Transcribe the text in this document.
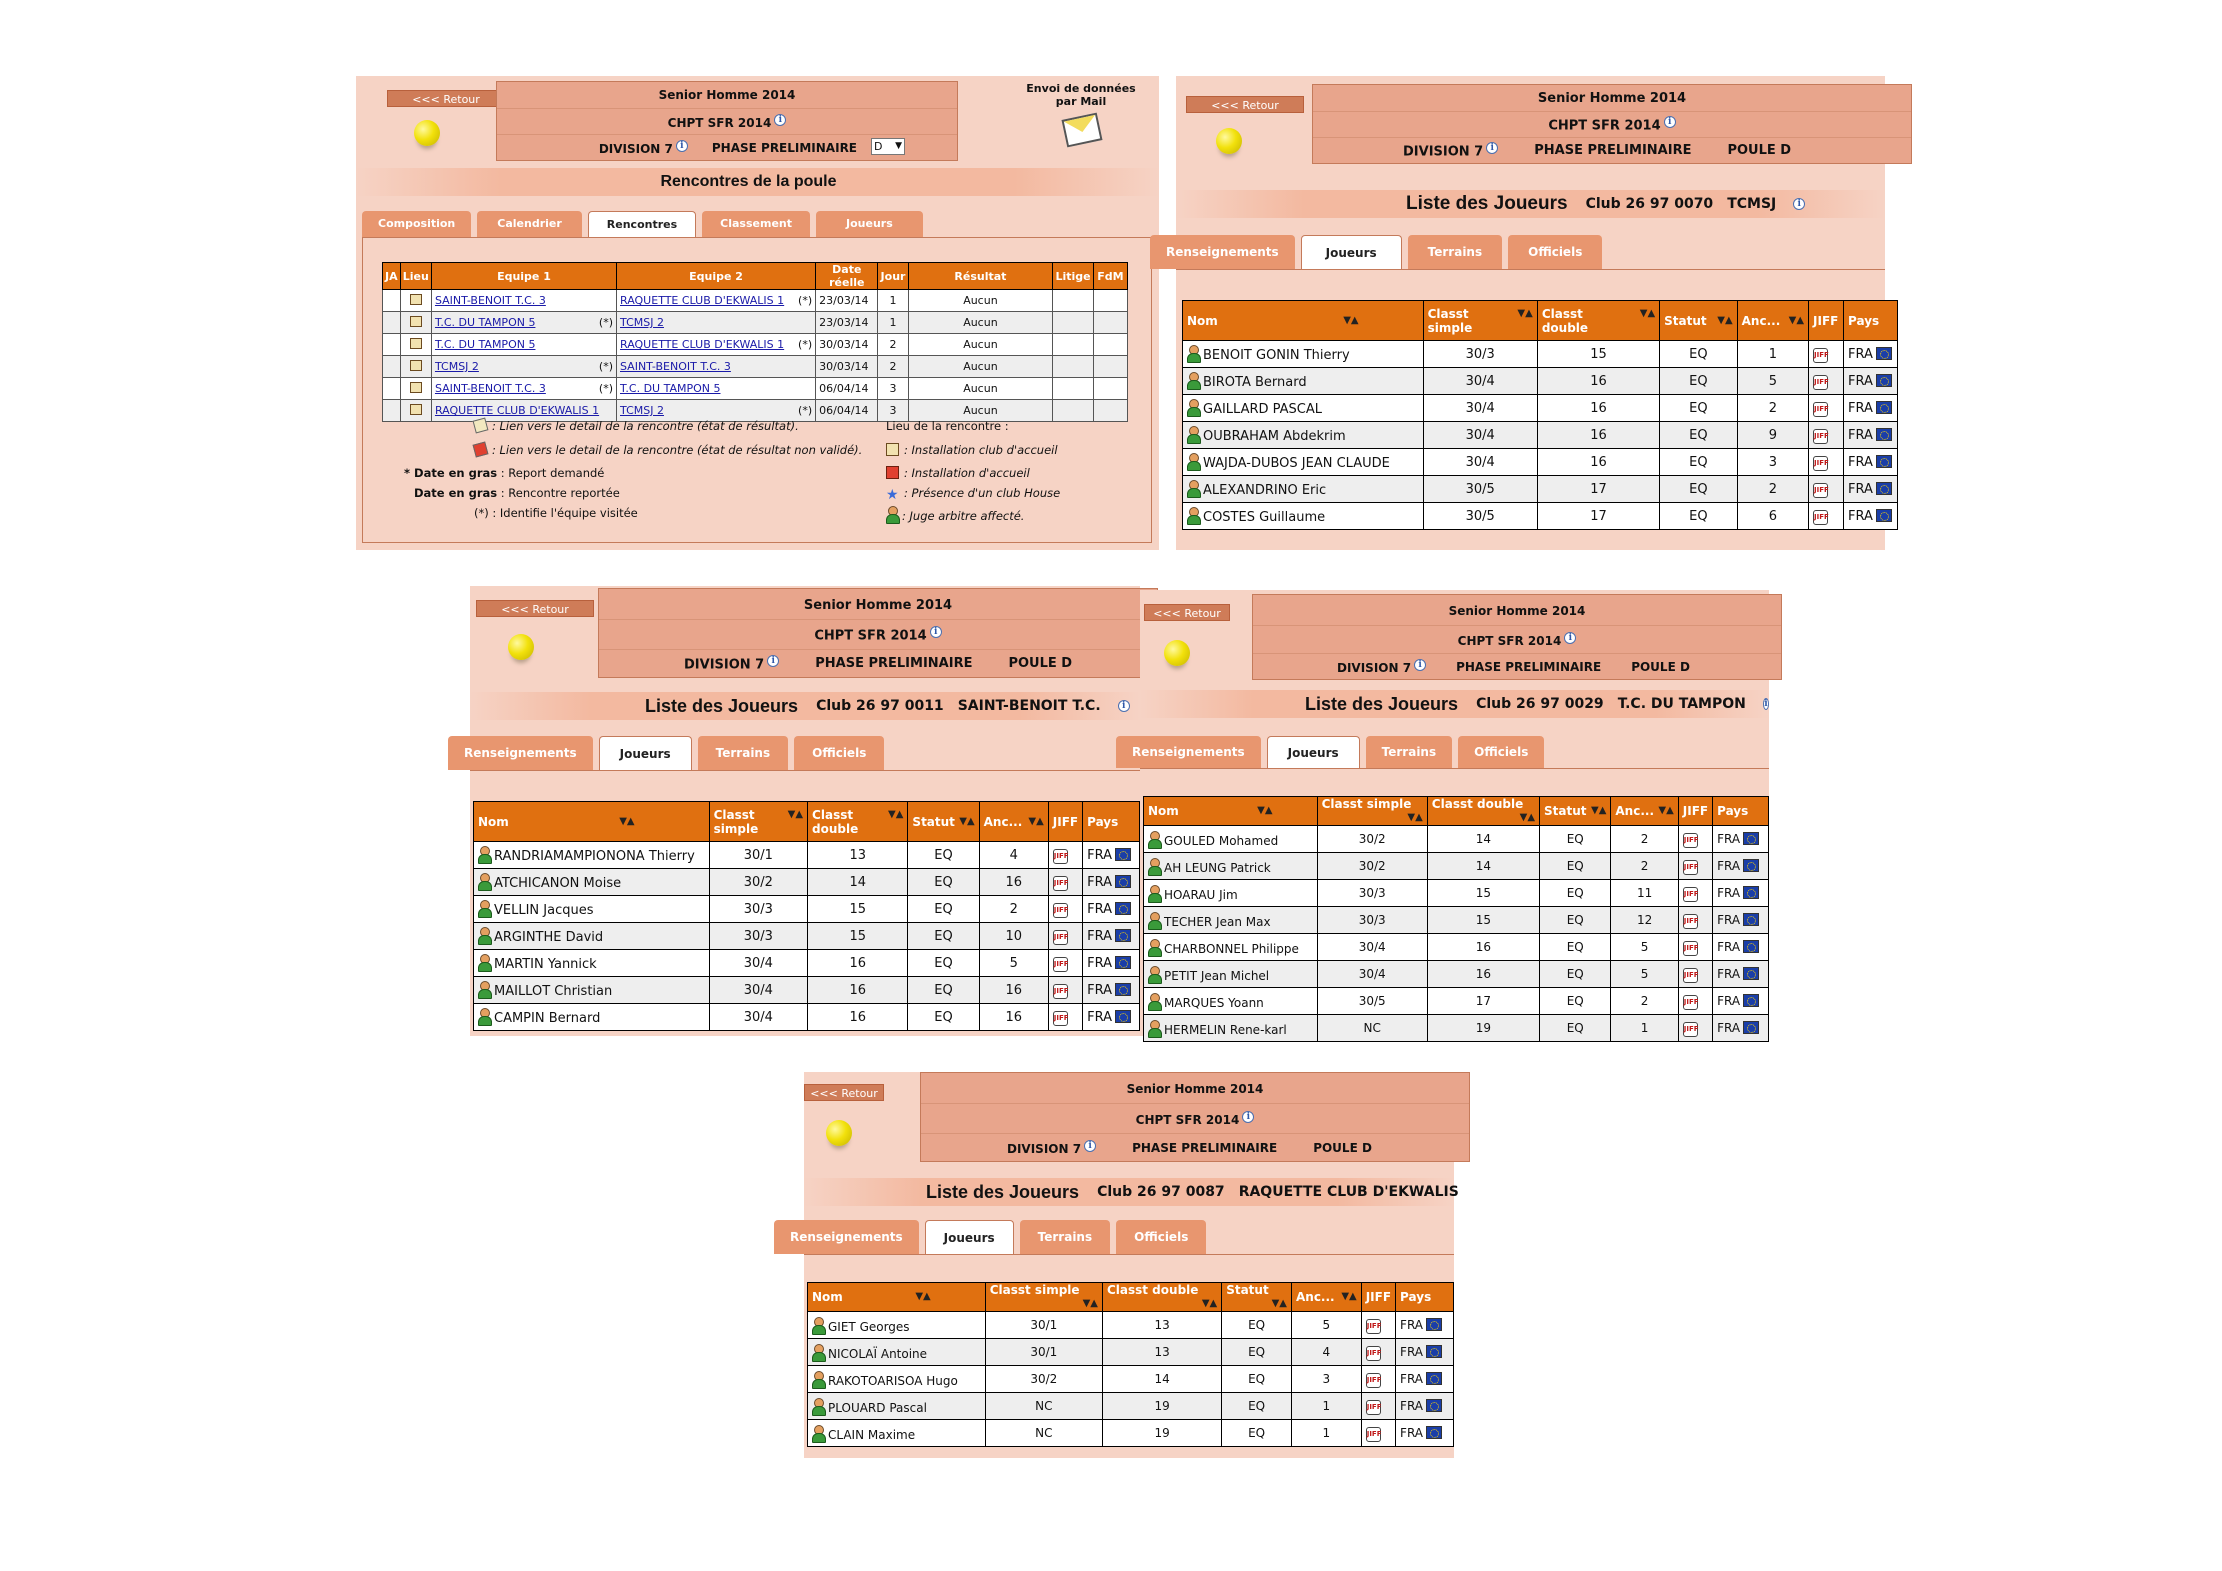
<<< Retour	Senior Homme 2014
CHPT SFR 2014 i
DIVISION 7 i	PHASE PRELIMINAIRE D ▼
Envoi de données
par Mail
Rencontres de la poule
Composition	Calendrier	Rencontres	Classement	Joueurs
JA	Lieu	Equipe 1	Equipe 2	Date réelle	Jour	Résultat	Litige	FdM
		SAINT-BENOIT T.C. 3	RAQUETTE CLUB D'EKWALIS 1 (*)	23/03/14	1	Aucun		
		T.C. DU TAMPON 5 (*)	TCMSJ 2	23/03/14	1	Aucun		
		T.C. DU TAMPON 5	RAQUETTE CLUB D'EKWALIS 1 (*)	30/03/14	2	Aucun		
		TCMSJ 2 (*)	SAINT-BENOIT T.C. 3	30/03/14	2	Aucun		
		SAINT-BENOIT T.C. 3 (*)	T.C. DU TAMPON 5	06/04/14	3	Aucun		
		RAQUETTE CLUB D'EKWALIS 1	TCMSJ 2 (*)	06/04/14	3	Aucun		
: Lien vers le detail de la rencontre (état de résultat).
: Lien vers le detail de la rencontre (état de résultat non validé).
* Date en gras : Report demandé
Date en gras : Rencontre reportée
(*) : Identifie l'équipe visitée
Lieu de la rencontre :
: Installation club d'accueil
: Installation d'accueil
★ : Présence d'un club House
: Juge arbitre affecté.
<<< Retour	Senior Homme 2014
CHPT SFR 2014 i
DIVISION 7 i	PHASE PRELIMINAIRE	POULE D
Liste des Joueurs Club 26 97 0070 TCMSJ	i
Renseignements	Joueurs	Terrains	Officiels
Nom ▼▲	Classt simple
▼▲	Classt double
▼▲	Statut ▼▲	Anc... ▼▲	JIFF	Pays
BENOIT GONIN Thierry	30/3	15	EQ	1	JIFF	FRA
BIROTA Bernard	30/4	16	EQ	5	JIFF	FRA
GAILLARD PASCAL	30/4	16	EQ	2	JIFF	FRA
OUBRAHAM Abdekrim	30/4	16	EQ	9	JIFF	FRA
WAJDA-DUBOS JEAN CLAUDE	30/4	16	EQ	3	JIFF	FRA
ALEXANDRINO Eric	30/5	17	EQ	2	JIFF	FRA
COSTES Guillaume	30/5	17	EQ	6	JIFF	FRA
<<< Retour	Senior Homme 2014
CHPT SFR 2014 i
DIVISION 7 i	PHASE PRELIMINAIRE	POULE D
Liste des Joueurs Club 26 97 0011 SAINT-BENOIT T.C.	i
Renseignements	Joueurs	Terrains	Officiels
Nom ▼▲	Classt simple
▼▲	Classt double
▼▲	Statut ▼▲	Anc... ▼▲	JIFF	Pays
RANDRIAMAMPIONONA Thierry	30/1	13	EQ	4	JIFF	FRA
ATCHICANON Moise	30/2	14	EQ	16	JIFF	FRA
VELLIN Jacques	30/3	15	EQ	2	JIFF	FRA
ARGINTHE David	30/3	15	EQ	10	JIFF	FRA
MARTIN Yannick	30/4	16	EQ	5	JIFF	FRA
MAILLOT Christian	30/4	16	EQ	16	JIFF	FRA
CAMPIN Bernard	30/4	16	EQ	16	JIFF	FRA
<<< Retour	Senior Homme 2014
CHPT SFR 2014 i
DIVISION 7 i	PHASE PRELIMINAIRE	POULE D
Liste des Joueurs Club 26 97 0029 T.C. DU TAMPON i
Renseignements	Joueurs	Terrains	Officiels
Nom ▼▲	Classt simple
▼▲	Classt double
▼▲	Statut ▼▲	Anc... ▼▲	JIFF	Pays
GOULED Mohamed	30/2	14	EQ	2	JIFF	FRA
AH LEUNG Patrick	30/2	14	EQ	2	JIFF	FRA
HOARAU Jim	30/3	15	EQ	11	JIFF	FRA
TECHER Jean Max	30/3	15	EQ	12	JIFF	FRA
CHARBONNEL Philippe	30/4	16	EQ	5	JIFF	FRA
PETIT Jean Michel	30/4	16	EQ	5	JIFF	FRA
MARQUES Yoann	30/5	17	EQ	2	JIFF	FRA
HERMELIN Rene-karl	NC	19	EQ	1	JIFF	FRA
<<< Retour	Senior Homme 2014
CHPT SFR 2014 i
DIVISION 7 i	PHASE PRELIMINAIRE	POULE D
Liste des Joueurs Club 26 97 0087 RAQUETTE CLUB D'EKWALIS
Renseignements	Joueurs	Terrains	Officiels
Nom ▼▲	Classt simple
▼▲	Classt double
▼▲	Statut
▼▲	Anc... ▼▲	JIFF	Pays
GIET Georges	30/1	13	EQ	5	JIFF	FRA
NICOLAÏ Antoine	30/1	13	EQ	4	JIFF	FRA
RAKOTOARISOA Hugo	30/2	14	EQ	3	JIFF	FRA
PLOUARD Pascal	NC	19	EQ	1	JIFF	FRA
CLAIN Maxime	NC	19	EQ	1	JIFF	FRA
